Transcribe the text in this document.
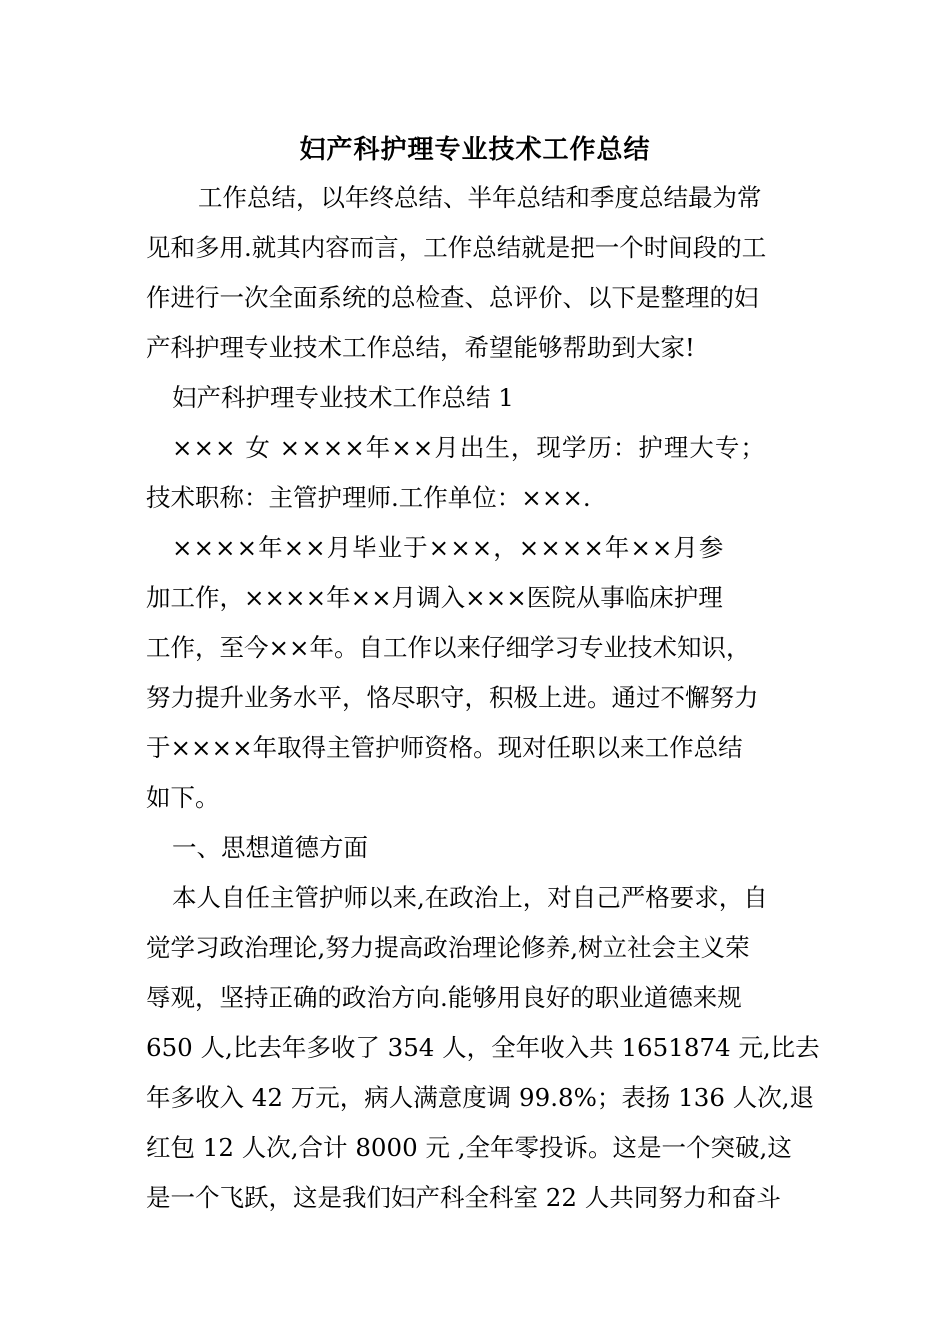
妇产科护理专业技术工作总结
工作总结，以年终总结、半年总结和季度总结最为常
见和多用.就其内容而言，工作总结就是把一个时间段的工
作进行一次全面系统的总检查、总评价、以下是整理的妇
产科护理专业技术工作总结，希望能够帮助到大家!
妇产科护理专业技术工作总结 1
××× 女 ××××年××月出生，现学历：护理大专；
技术职称：主管护理师.工作单位：×××.
××××年××月毕业于×××，××××年××月参
加工作，××××年××月调入×××医院从事临床护理
工作，至今××年。自工作以来仔细学习专业技术知识，
努力提升业务水平，恪尽职守，积极上进。通过不懈努力
于××××年取得主管护师资格。现对任职以来工作总结
如下。
一、思想道德方面
本人自任主管护师以来,在政治上，对自己严格要求，自
觉学习政治理论,努力提高政治理论修养,树立社会主义荣
辱观，坚持正确的政治方向.能够用良好的职业道德来规
650 人,比去年多收了 354 人，全年收入共 1651874 元,比去
年多收入 42 万元，病人满意度调 99.8%；表扬 136 人次,退
红包 12 人次,合计 8000 元 ,全年零投诉。这是一个突破,这
是一个飞跃，这是我们妇产科全科室 22 人共同努力和奋斗
